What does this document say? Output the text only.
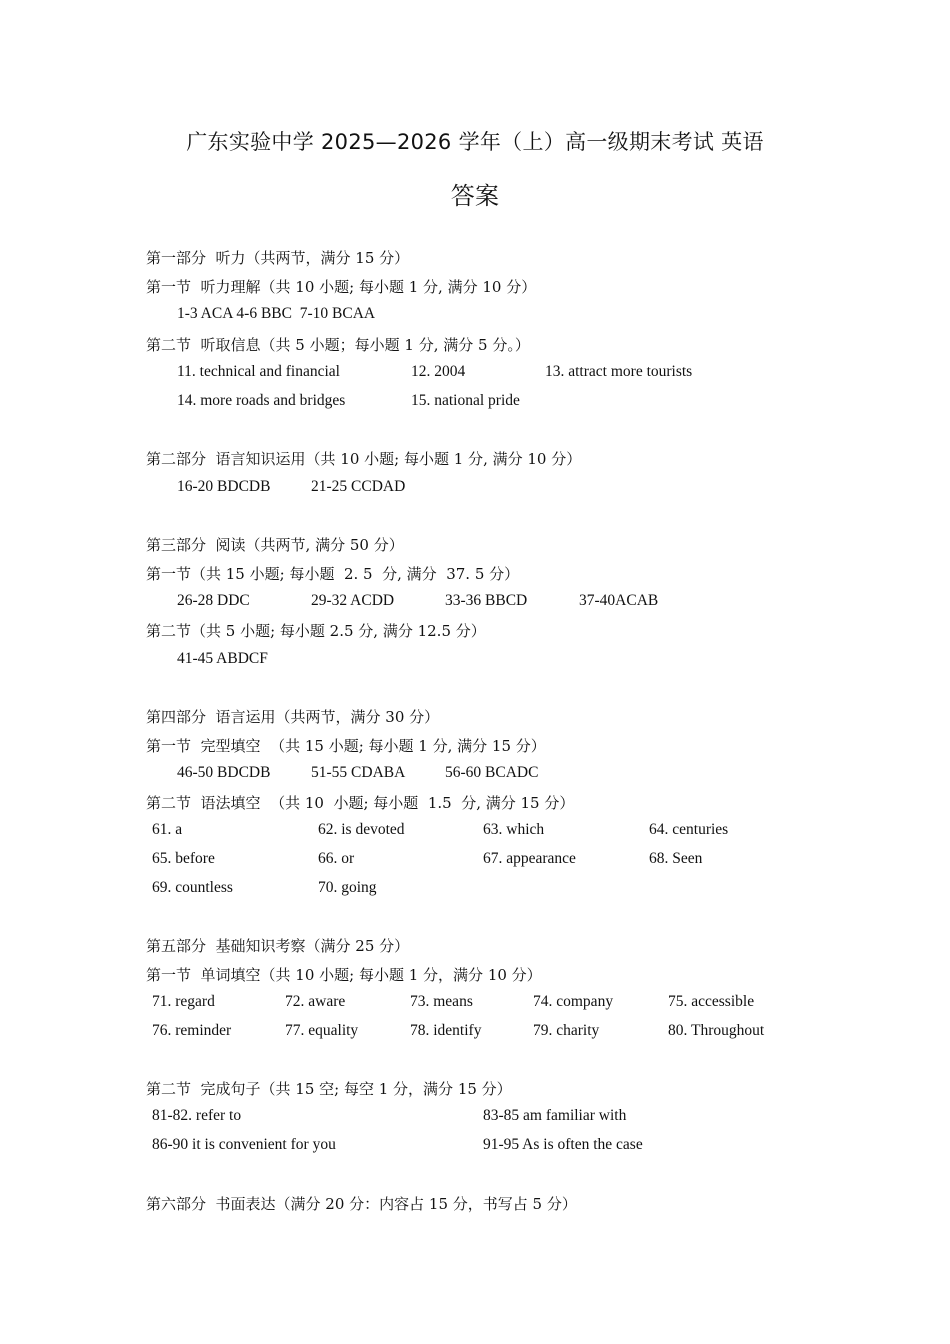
广东实验中学 2025—2026 学年（上）高一级期末考试 英语
答案
第一部分  听力（共两节，满分 15 分）
第一节  听力理解（共 10 小题; 每小题 1 分, 满分 10 分）
1-3 ACA 4-6 BBC  7-10 BCAA
第二节  听取信息（共 5 小题；每小题 1 分, 满分 5 分。）
11. technical and financial	12. 2004	13. attract more tourists
14. more roads and bridges	15. national pride
第二部分  语言知识运用（共 10 小题; 每小题 1 分, 满分 10 分）
16-20 BDCDB	21-25 CCDAD
第三部分  阅读（共两节, 满分 50 分）
第一节（共 15 小题; 每小题  2. 5  分, 满分  37. 5 分）
26-28 DDC	29-32 ACDD	33-36 BBCD	37-40ACAB
第二节（共 5 小题; 每小题 2.5 分, 满分 12.5 分）
41-45 ABDCF
第四部分  语言运用（共两节，满分 30 分）
第一节  完型填空  （共 15 小题; 每小题 1 分, 满分 15 分）
46-50 BDCDB	51-55 CDABA	56-60 BCADC
第二节  语法填空  （共 10  小题; 每小题  1.5  分, 满分 15 分）
61. a	62. is devoted	63. which	64. centuries
65. before	66. or	67. appearance	68. Seen
69. countless	70. going
第五部分  基础知识考察（满分 25 分）
第一节  单词填空（共 10 小题; 每小题 1 分，满分 10 分）
71. regard	72. aware	73. means	74. company	75. accessible
76. reminder	77. equality	78. identify	79. charity	80. Throughout
第二节  完成句子（共 15 空; 每空 1 分，满分 15 分）
81-82. refer to	83-85 am familiar with
86-90 it is convenient for you	91-95 As is often the case
第六部分  书面表达（满分 20 分：内容占 15 分，书写占 5 分）
